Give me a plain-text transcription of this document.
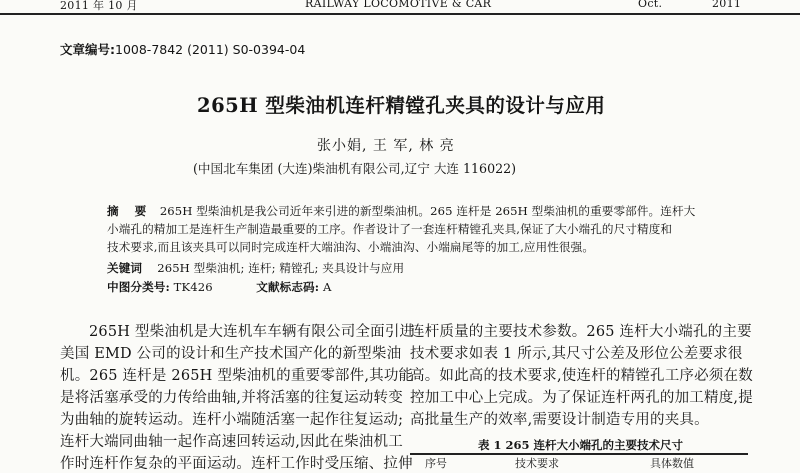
2011 年 10 月	RAILWAY LOCOMOTIVE & CAR	Oct.	2011
文章编号:1008-7842 (2011) S0-0394-04
265H 型柴油机连杆精镗孔夹具的设计与应用
张小娟, 王 军, 林 亮
(中国北车集团 (大连)柴油机有限公司,辽宁 大连 116022)
摘 要 265H 型柴油机是我公司近年来引进的新型柴油机。265 连杆是 265H 型柴油机的重要零部件。连杆大
小端孔的精加工是连杆生产制造最重要的工序。作者设计了一套连杆精镗孔夹具,保证了大小端孔的尺寸精度和
技术要求,而且该夹具可以同时完成连杆大端油沟、小端油沟、小端扁尾等的加工,应用性很强。
关键词 265H 型柴油机; 连杆; 精镗孔; 夹具设计与应用
中图分类号: TK426	文献标志码: A
265H 型柴油机是大连机车车辆有限公司全面引进
美国 EMD 公司的设计和生产技术国产化的新型柴油
机。265 连杆是 265H 型柴油机的重要零部件,其功能
是将活塞承受的力传给曲轴,并将活塞的往复运动转变
为曲轴的旋转运动。连杆小端随活塞一起作往复运动;
连杆大端同曲轴一起作高速回转运动,因此在柴油机工
作时连杆作复杂的平面运动。连杆工作时受压缩、拉伸
连杆质量的主要技术参数。265 连杆大小端孔的主要
技术要求如表 1 所示,其尺寸公差及形位公差要求很
高。如此高的技术要求,使连杆的精镗孔工序必须在数
控加工中心上完成。为了保证连杆两孔的加工精度,提
高批量生产的效率,需要设计制造专用的夹具。
表 1 265 连杆大小端孔的主要技术尺寸
序号	技术要求	具体数值
